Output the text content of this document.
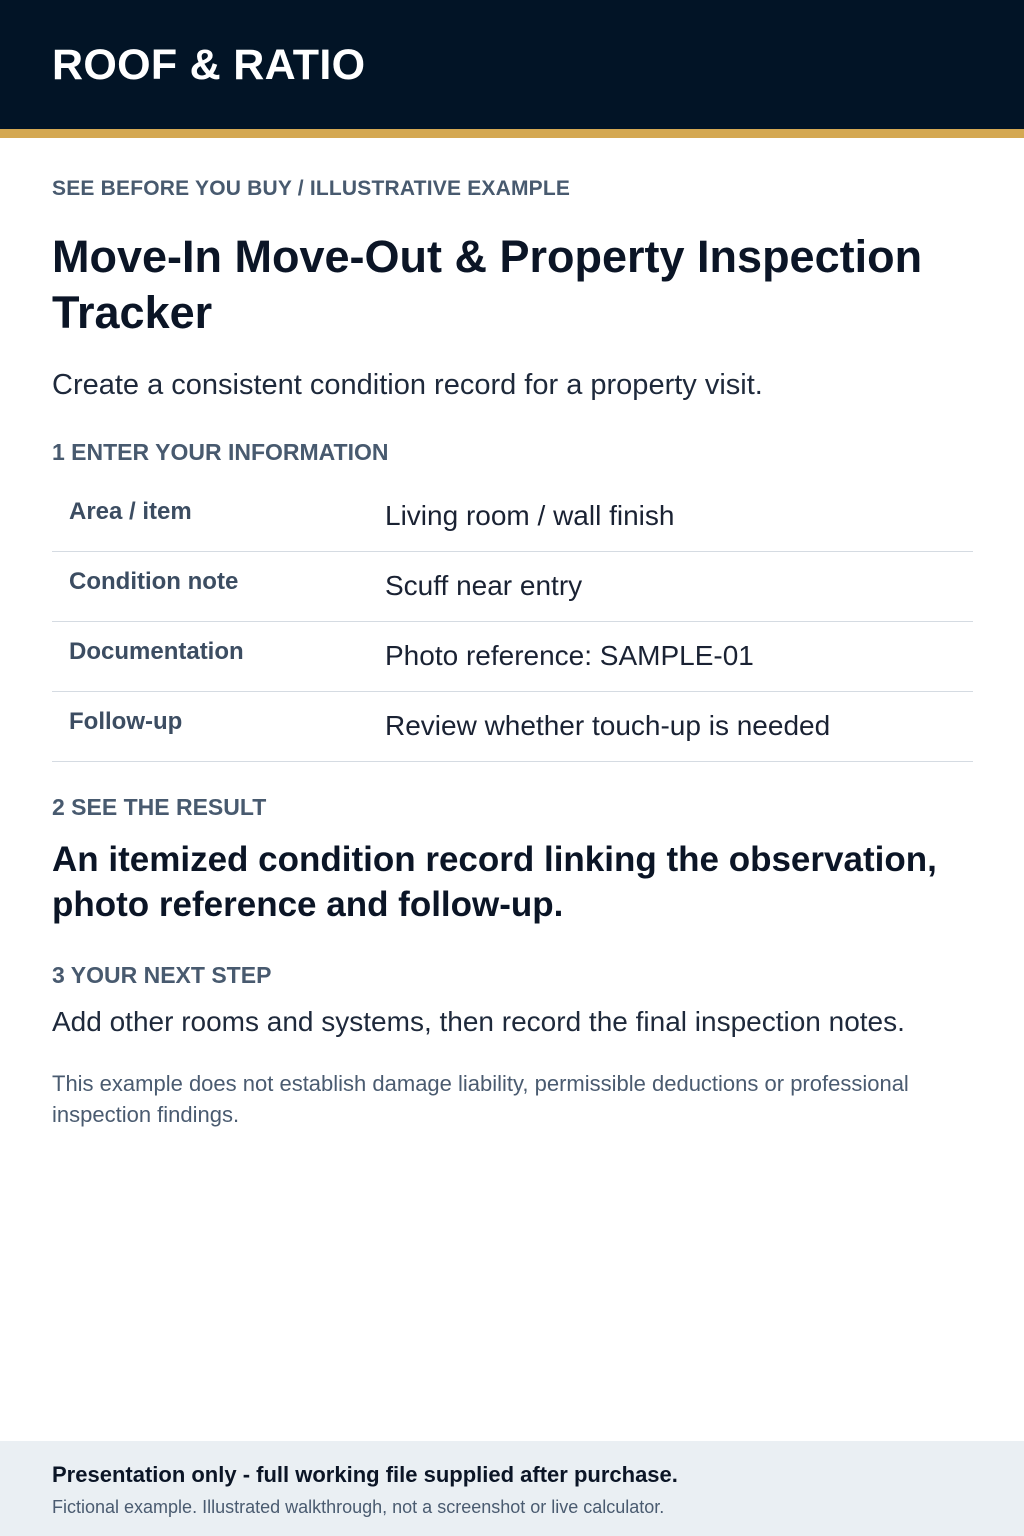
ROOF & RATIO

SEE BEFORE YOU BUY / ILLUSTRATIVE EXAMPLE

Move-In Move-Out & Property Inspection Tracker

Create a consistent condition record for a property visit.

1 ENTER YOUR INFORMATION
Area / item	Living room / wall finish
Condition note	Scuff near entry
Documentation	Photo reference: SAMPLE-01
Follow-up	Review whether touch-up is needed
2 SEE THE RESULT

An itemized condition record linking the observation, photo reference and follow-up.

3 YOUR NEXT STEP

Add other rooms and systems, then record the final inspection notes.

This example does not establish damage liability, permissible deductions or professional inspection findings.

Presentation only - full working file supplied after purchase.

Fictional example. Illustrated walkthrough, not a screenshot or live calculator.
